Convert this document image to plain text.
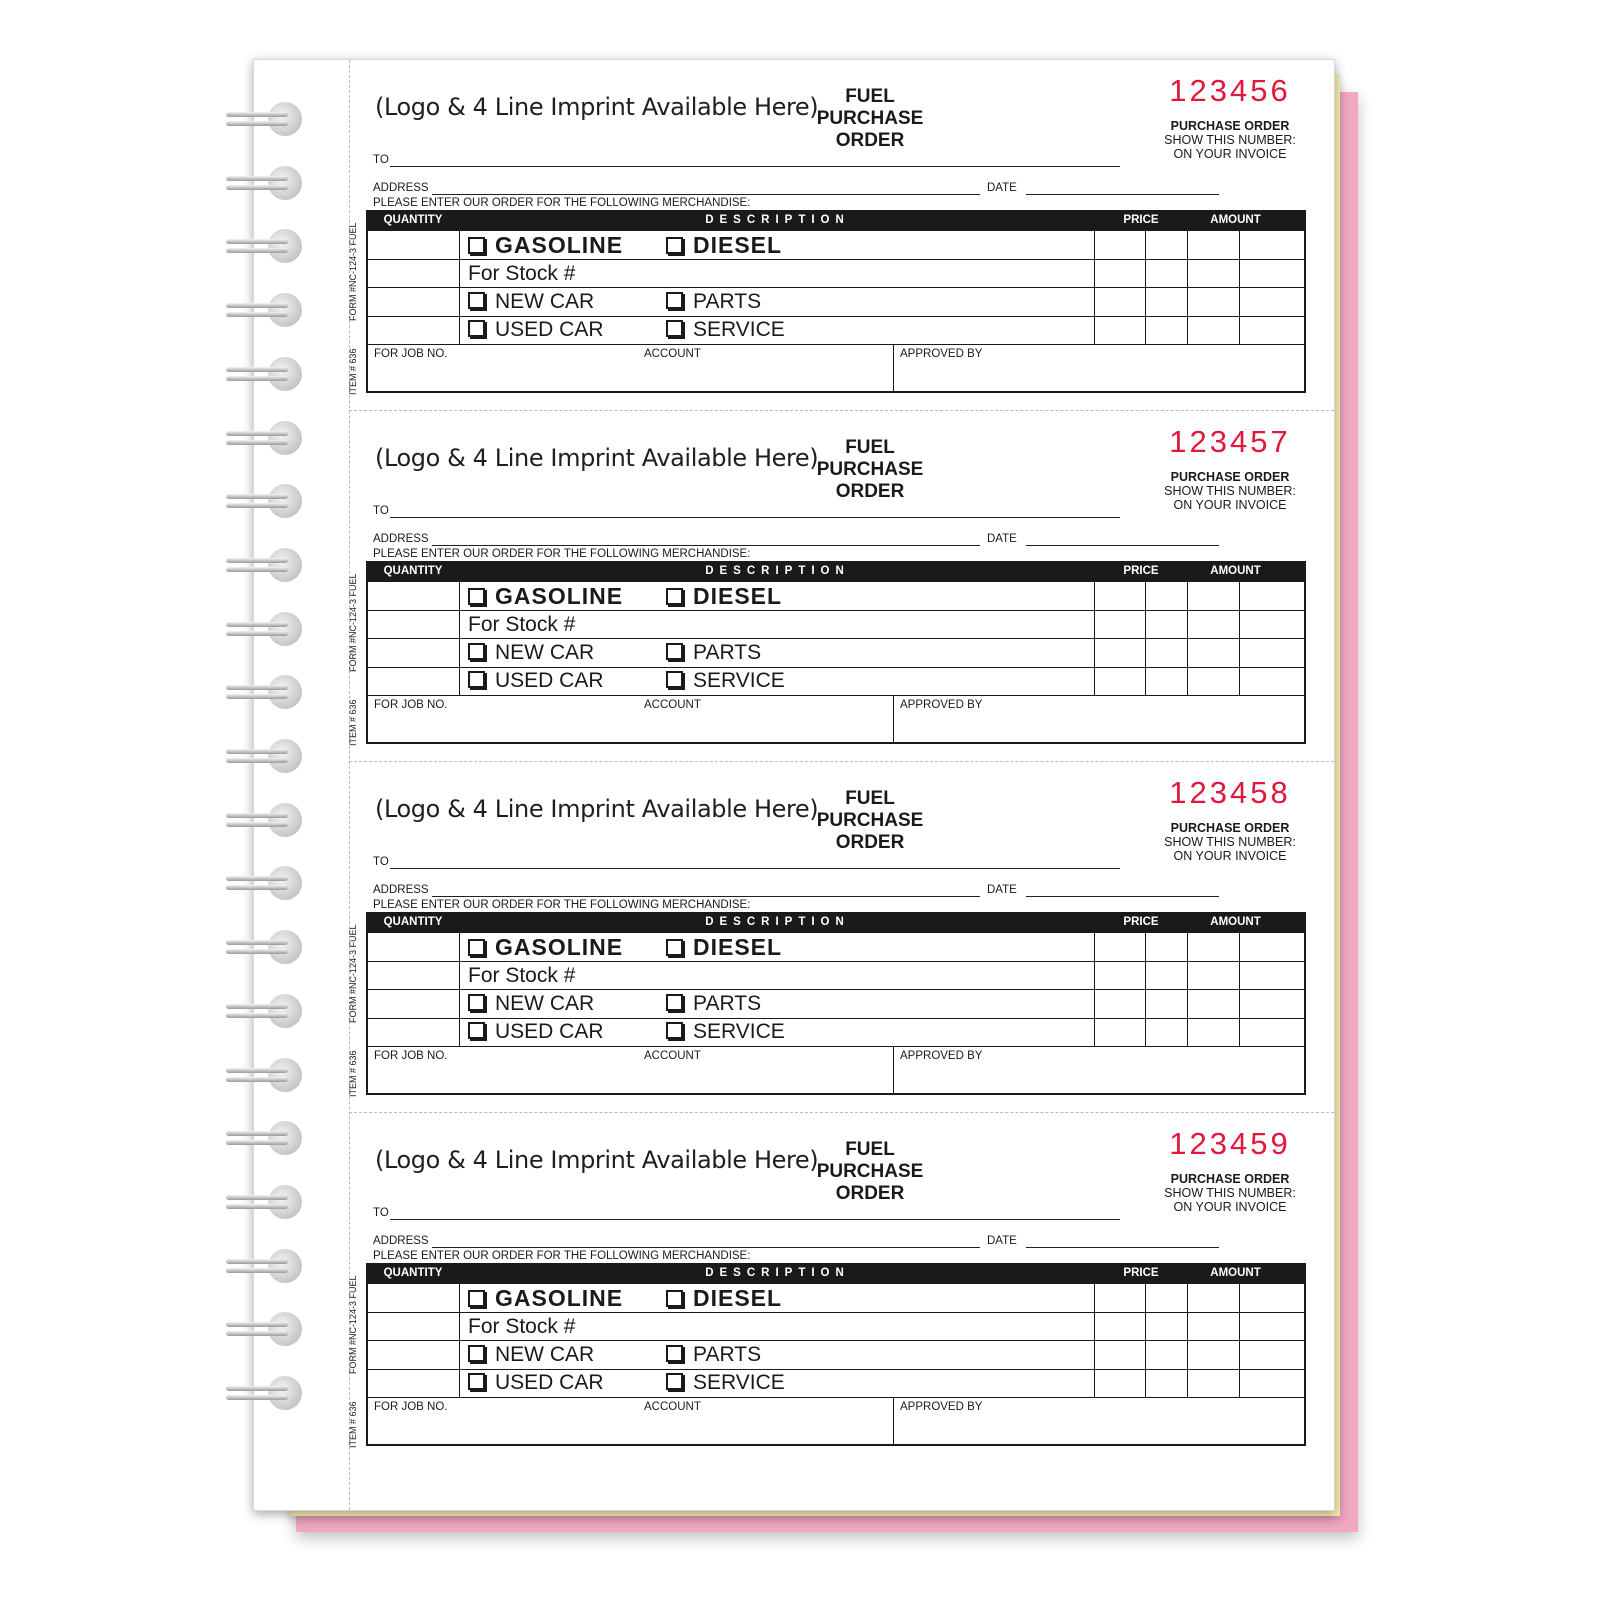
(Logo & 4 Line Imprint Available Here)	FUEL
PURCHASE
ORDER
123456
PURCHASE ORDER
SHOW THIS NUMBER:
ON YOUR INVOICE
TO
ADDRESS	DATE
PLEASE ENTER OUR ORDER FOR THE FOLLOWING MERCHANDISE:
FORM #NC-124-3 FUEL
ITEM # 636
QUANTITY	DESCRIPTION	PRICE	AMOUNT
GASOLINE	DIESEL
For Stock #
NEW CAR	PARTS
USED CAR	SERVICE
FOR JOB NO.	ACCOUNT	APPROVED BY
(Logo & 4 Line Imprint Available Here)	FUEL
PURCHASE
ORDER
123457
PURCHASE ORDER
SHOW THIS NUMBER:
ON YOUR INVOICE
TO
ADDRESS	DATE
PLEASE ENTER OUR ORDER FOR THE FOLLOWING MERCHANDISE:
FORM #NC-124-3 FUEL
ITEM # 636
QUANTITY	DESCRIPTION	PRICE	AMOUNT
GASOLINE	DIESEL
For Stock #
NEW CAR	PARTS
USED CAR	SERVICE
FOR JOB NO.	ACCOUNT	APPROVED BY
(Logo & 4 Line Imprint Available Here)	FUEL
PURCHASE
ORDER
123458
PURCHASE ORDER
SHOW THIS NUMBER:
ON YOUR INVOICE
TO
ADDRESS	DATE
PLEASE ENTER OUR ORDER FOR THE FOLLOWING MERCHANDISE:
FORM #NC-124-3 FUEL
ITEM # 636
QUANTITY	DESCRIPTION	PRICE	AMOUNT
GASOLINE	DIESEL
For Stock #
NEW CAR	PARTS
USED CAR	SERVICE
FOR JOB NO.	ACCOUNT	APPROVED BY
(Logo & 4 Line Imprint Available Here)	FUEL
PURCHASE
ORDER
123459
PURCHASE ORDER
SHOW THIS NUMBER:
ON YOUR INVOICE
TO
ADDRESS	DATE
PLEASE ENTER OUR ORDER FOR THE FOLLOWING MERCHANDISE:
FORM #NC-124-3 FUEL
ITEM # 636
QUANTITY	DESCRIPTION	PRICE	AMOUNT
GASOLINE	DIESEL
For Stock #
NEW CAR	PARTS
USED CAR	SERVICE
FOR JOB NO.	ACCOUNT	APPROVED BY
